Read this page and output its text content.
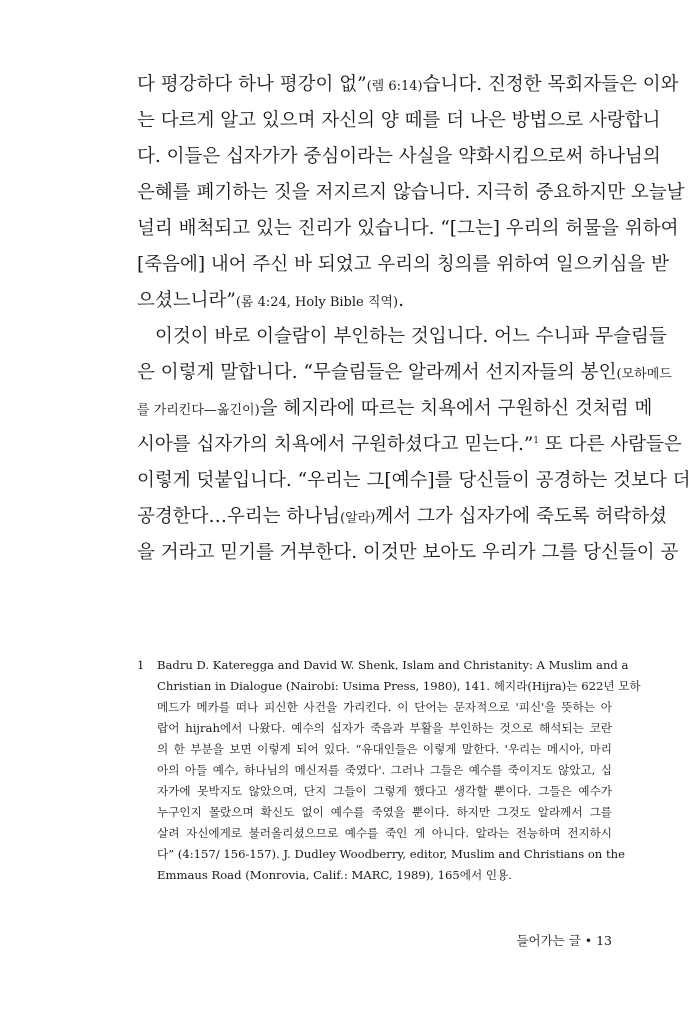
다 평강하다 하나 평강이 없”(렘 6:14)습니다. 진정한 목회자들은 이와
는 다르게 알고 있으며 자신의 양 떼를 더 나은 방법으로 사랑합니
다. 이들은 십자가가 중심이라는 사실을 약화시킴으로써 하나님의
은혜를 폐기하는 짓을 저지르지 않습니다. 지극히 중요하지만 오늘날
널리 배척되고 있는 진리가 있습니다. “[그는] 우리의 허물을 위하여
[죽음에] 내어 주신 바 되었고 우리의 칭의를 위하여 일으키심을 받
으셨느니라”(롬 4:24, Holy Bible 직역).
이것이 바로 이슬람이 부인하는 것입니다. 어느 수니파 무슬림들
은 이렇게 말합니다. “무슬림들은 알라께서 선지자들의 봉인(모하메드
를 가리킨다—옮긴이)을 헤지라에 따르는 치욕에서 구원하신 것처럼 메
시아를 십자가의 치욕에서 구원하셨다고 믿는다.”$^1$ 또 다른 사람들은
이렇게 덧붙입니다. “우리는 그[예수]를 당신들이 공경하는 것보다 더
공경한다…우리는 하나님(알라)께서 그가 십자가에 죽도록 허락하셨
을 거라고 믿기를 거부한다. 이것만 보아도 우리가 그를 당신들이 공
1 Badru D. Kateregga and David W. Shenk, Islam and Christanity: A Muslim and a
Christian in Dialogue (Nairobi: Usima Press, 1980), 141. 헤지라(Hijra)는 622년 모하
메드가 메카를 떠나 피신한 사건을 가리킨다. 이 단어는 문자적으로 '피신'을 뜻하는 아
랍어 hijrah에서 나왔다. 예수의 십자가 죽음과 부활을 부인하는 것으로 해석되는 코란
의 한 부분을 보면 이렇게 되어 있다. “유대인들은 이렇게 말한다. '우리는 메시아, 마리
아의 아들 예수, 하나님의 메신저를 죽였다'. 그러나 그들은 예수를 죽이지도 않았고, 십
자가에 못박지도 않았으며, 단지 그들이 그렇게 했다고 생각할 뿐이다. 그들은 예수가
누구인지 몰랐으며 확신도 없이 예수를 죽였을 뿐이다. 하지만 그것도 알라께서 그를
살려 자신에게로 불러올리셨으므로 예수를 죽인 게 아니다. 알라는 전능하며 전지하시
다” (4:157/ 156-157). J. Dudley Woodberry, editor, Muslim and Christians on the
Emmaus Road (Monrovia, Calif.: MARC, 1989), 165에서 인용.
들어가는 글 • 13
